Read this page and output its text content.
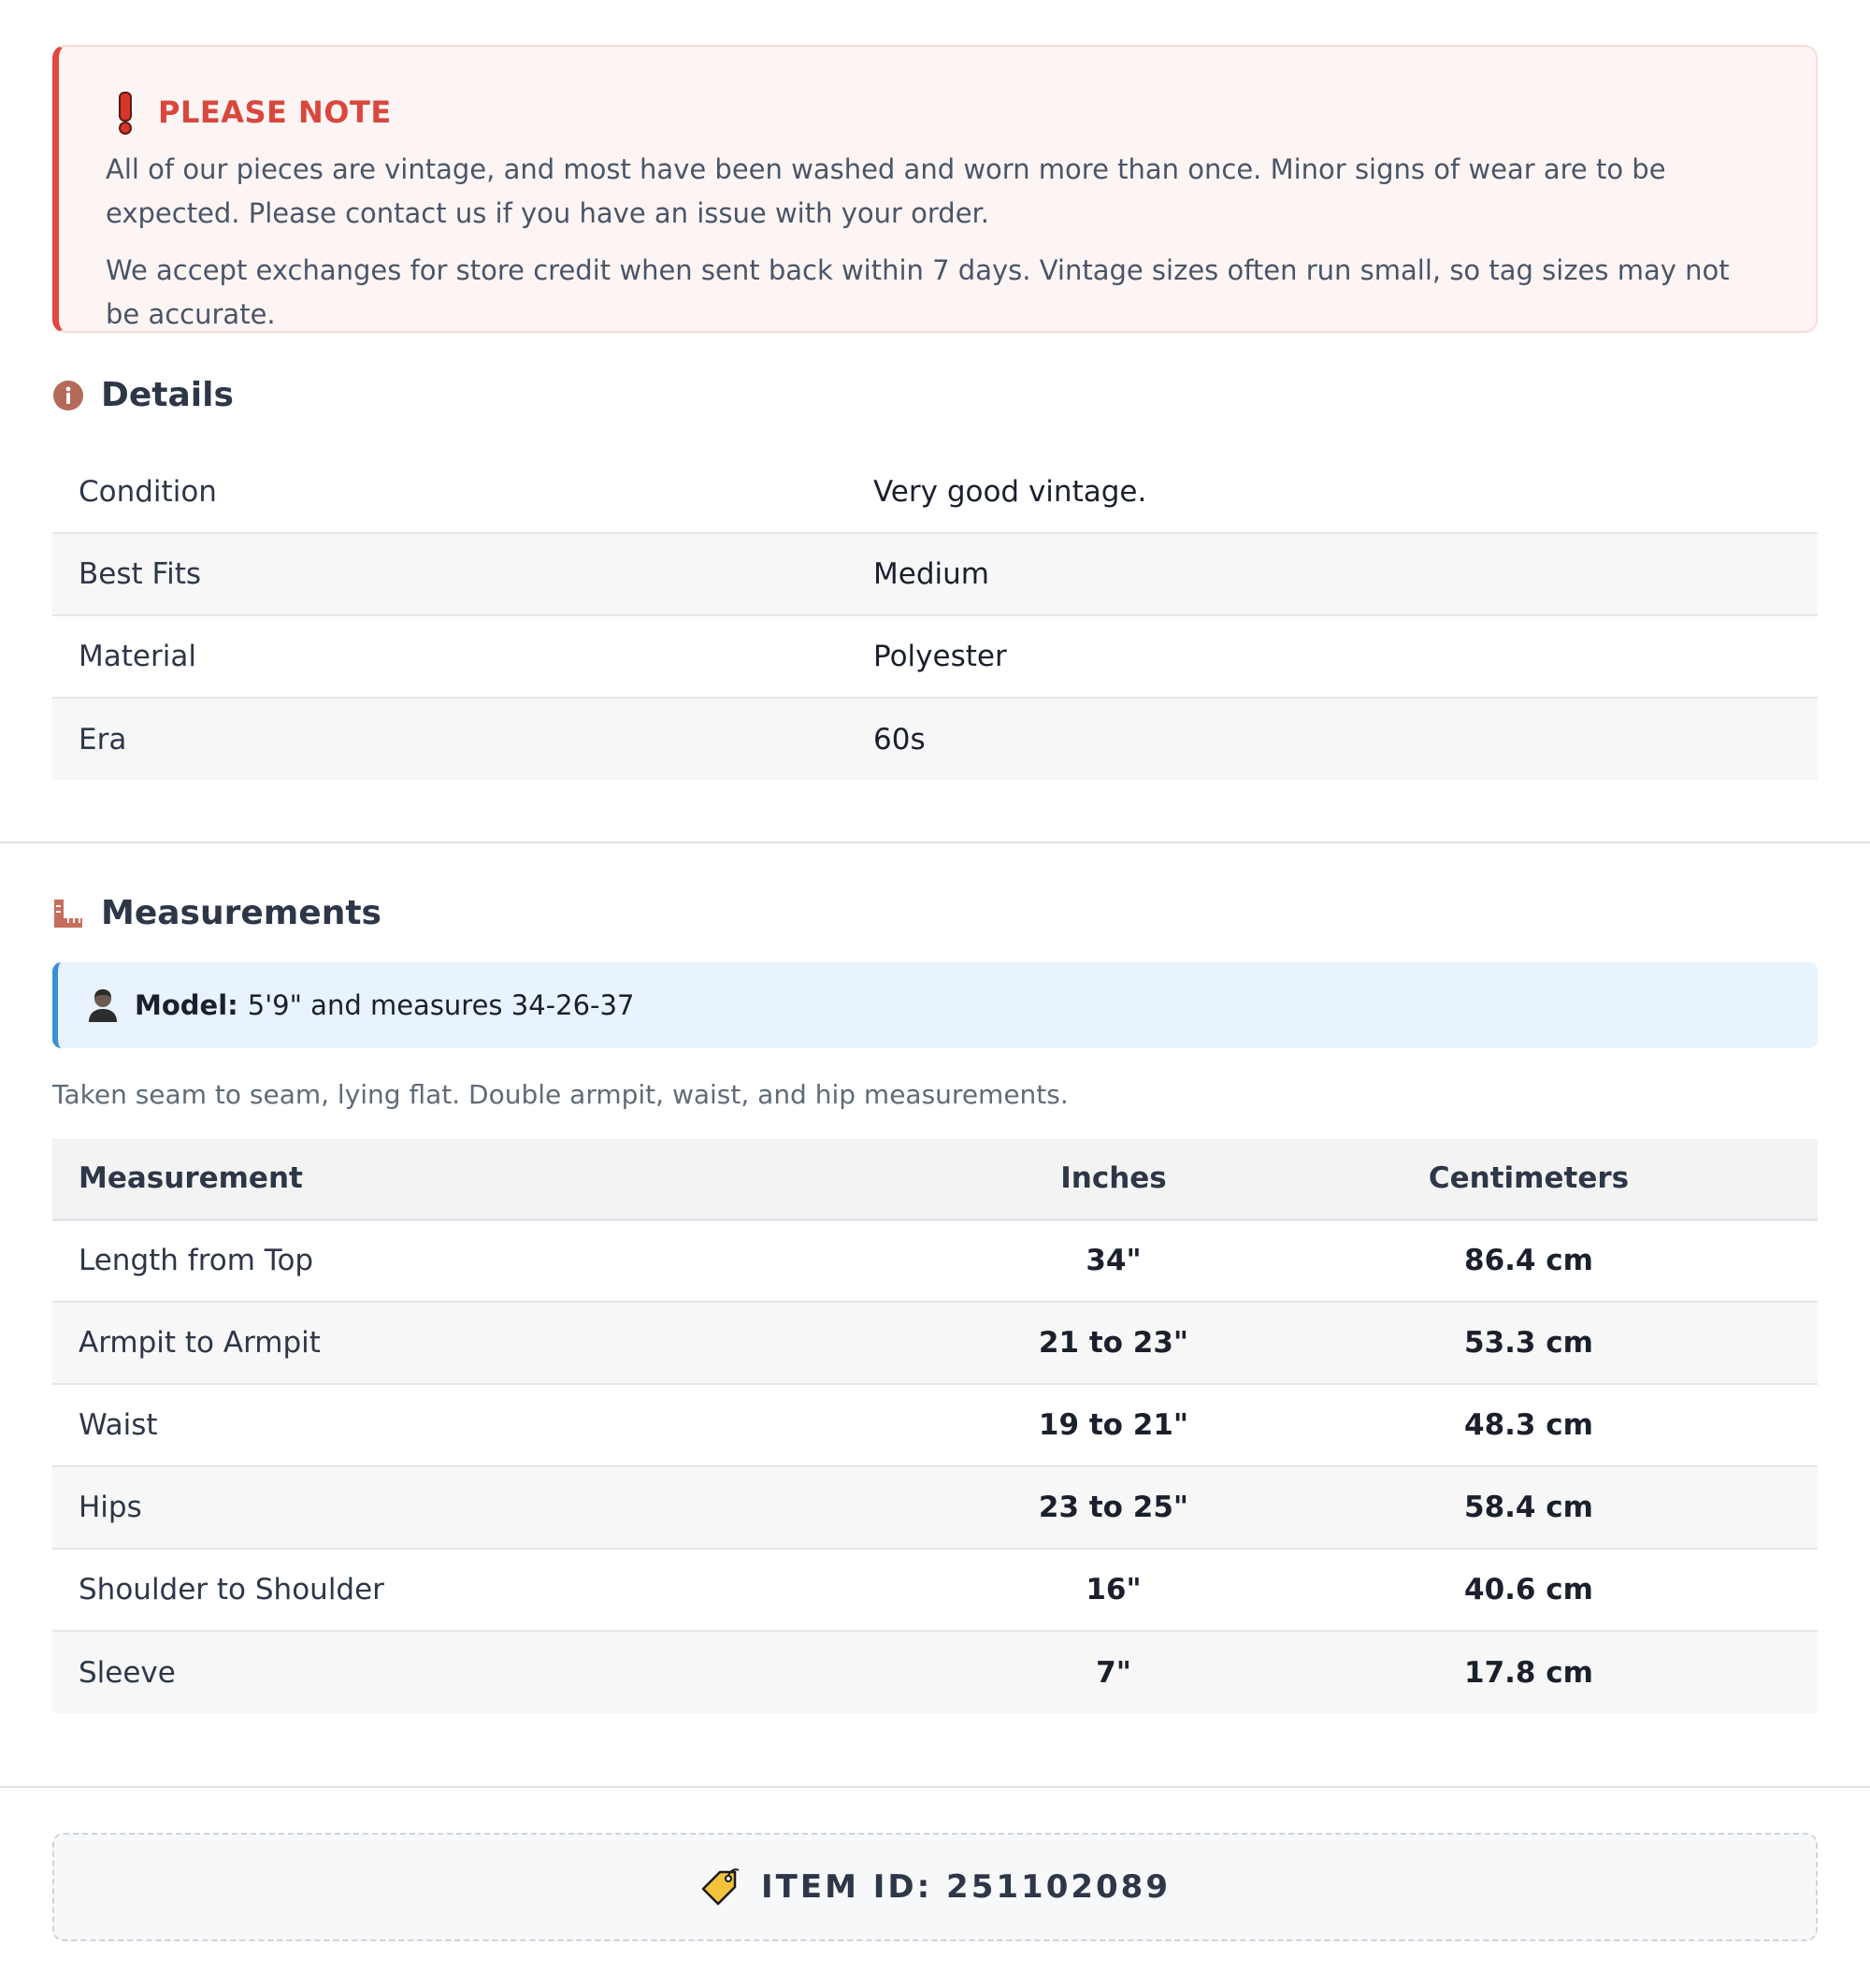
PLEASE NOTE

All of our pieces are vintage, and most have been washed and worn more than once. Minor signs of wear are to be expected. Please contact us if you have an issue with your order.

We accept exchanges for store credit when sent back within 7 days. Vintage sizes often run small, so tag sizes may not be accurate.

Details
Condition	Very good vintage.
Best Fits	Medium
Material	Polyester
Era	60s
Measurements
Model: 5'9" and measures 34-26-37
Taken seam to seam, lying flat. Double armpit, waist, and hip measurements.
Measurement	Inches	Centimeters
Length from Top	34"	86.4 cm
Armpit to Armpit	21 to 23"	53.3 cm
Waist	19 to 21"	48.3 cm
Hips	23 to 25"	58.4 cm
Shoulder to Shoulder	16"	40.6 cm
Sleeve	7"	17.8 cm
ITEM ID: 251102089
